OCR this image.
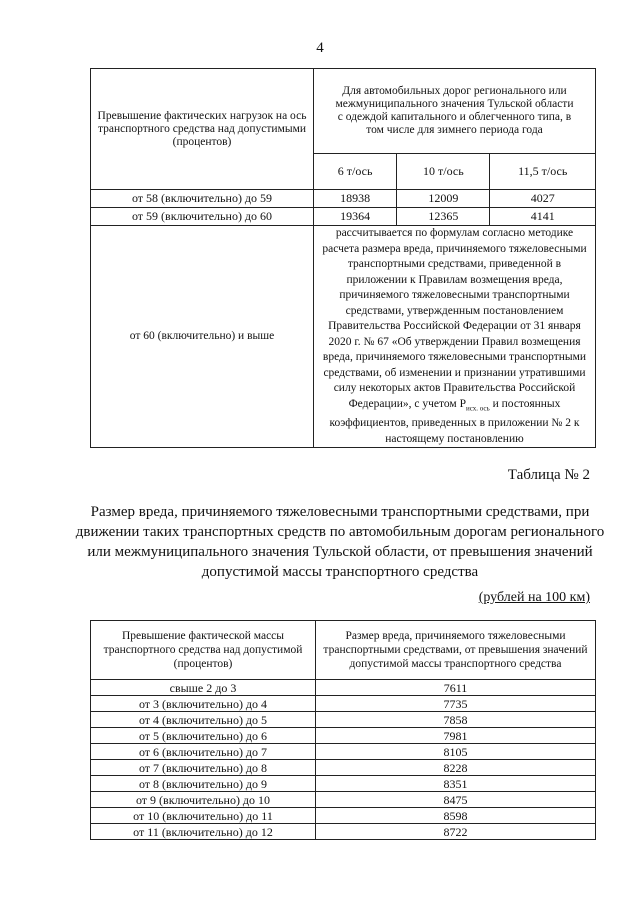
4
Превышение фактических нагрузок на ось транспортного средства над допустимыми (процентов)	Для автомобильных дорог регионального или межмуниципального значения Тульской области с одеждой капитального и облегченного типа, в том числе для зимнего периода года		
	6 т/ось	10 т/ось	11,5 т/ось
от 58 (включительно) до 59	18938	12009	4027
от 59 (включительно) до 60	19364	12365	4141
от 60 (включительно) и выше	рассчитывается по формулам согласно методике расчета размера вреда, причиняемого тяжеловесными транспортными средствами, приведенной в приложении к Правилам возмещения вреда, причиняемого тяжеловесными транспортными средствами, утвержденным постановлением Правительства Российской Федерации от 31 января 2020 г. № 67 «Об утверждении Правил возмещения вреда, причиняемого тяжеловесными транспортными средствами, об изменении и признании утратившими силу некоторых актов Правительства Российской Федерации», с учетом $P_{исх. ось}$ и постоянных коэффициентов, приведенных в приложении № 2 к настоящему постановлению		
Таблица № 2
Размер вреда, причиняемого тяжеловесными транспортными средствами, при движении таких транспортных средств по автомобильным дорогам регионального или межмуниципального значения Тульской области, от превышения значений допустимой массы транспортного средства
(рублей на 100 км)
Превышение фактической массы транспортного средства над допустимой (процентов)	Размер вреда, причиняемого тяжеловесными транспортными средствами, от превышения значений допустимой массы транспортного средства
свыше 2 до 3	7611
от 3 (включительно) до 4	7735
от 4 (включительно) до 5	7858
от 5 (включительно) до 6	7981
от 6 (включительно) до 7	8105
от 7 (включительно) до 8	8228
от 8 (включительно) до 9	8351
от 9 (включительно) до 10	8475
от 10 (включительно) до 11	8598
от 11 (включительно) до 12	8722
